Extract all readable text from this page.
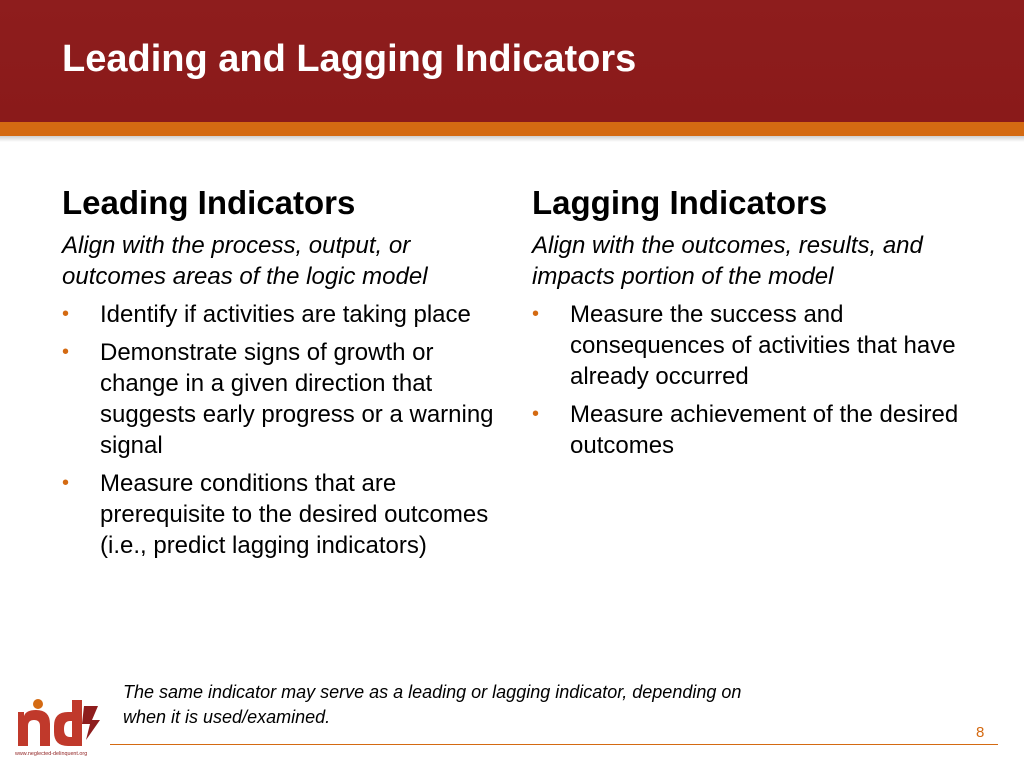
Leading and Lagging Indicators
Leading Indicators

Align with the process, output, or outcomes areas of the logic model

• Identify if activities are taking place
• Demonstrate signs of growth or change in a given direction that suggests early progress or a warning signal
• Measure conditions that are prerequisite to the desired outcomes (i.e., predict lagging indicators)
Lagging Indicators

Align with the outcomes, results, and impacts portion of the model

• Measure the success and consequences of activities that have already occurred
• Measure achievement of the desired outcomes
The same indicator may serve as a leading or lagging indicator, depending on when it is used/examined.
www.neglected-delinquent.org
8
